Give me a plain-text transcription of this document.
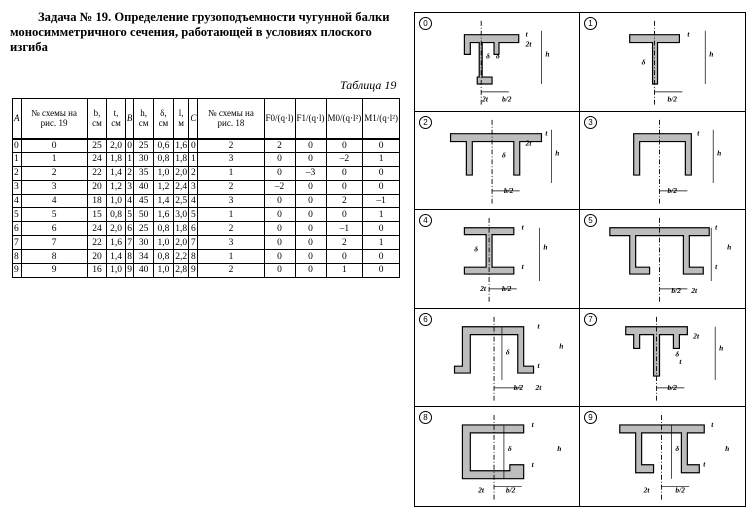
Задача № 19. Определение грузоподъемности чугунной балки моносимметричного сечения, работающей в условиях плоского изгиба
Таблица 19
A	№ схемы на рис. 19	b, см	t, см	B	h, см	δ, см	l, м	C	№ схемы на рис. 18	F0/(q·l)	F1/(q·l)	M0/(q·l²)	M1/(q·l²)
0	0	25	2,0	0	25	0,6	1,6	0	2	2	0	0	0
1	1	24	1,8	1	30	0,8	1,8	1	3	0	0	–2	1
2	2	22	1,4	2	35	1,0	2,0	2	1	0	–3	0	0
3	3	20	1,2	3	40	1,2	2,4	3	2	–2	0	0	0
4	4	18	1,0	4	45	1,4	2,5	4	3	0	0	2	–1
5	5	15	0,8	5	50	1,6	3,0	5	1	0	0	0	1
6	6	24	2,0	6	25	0,8	1,8	6	2	0	0	–1	0
7	7	22	1,6	7	30	1,0	2,0	7	3	0	0	2	1
8	8	20	1,4	8	34	0,8	2,2	8	1	0	0	0	0
9	9	16	1,0	9	40	1,0	2,8	9	2	0	0	1	0
2t
t
h
δ δ
2t b/2
0
t
h
δ
b/2
1
t
2t
h
δ
b/2
2
t
h
b/2
3
t
h
δ
t
2t b/2
4
t
h
t
2t
b/2
5
t
h
δ
t
b/2 2t
6
2t
h
δ
t
b/2
7
t
h
δ
t
2t	b/2
8
t
h
δ
t
2t	b/2
9
